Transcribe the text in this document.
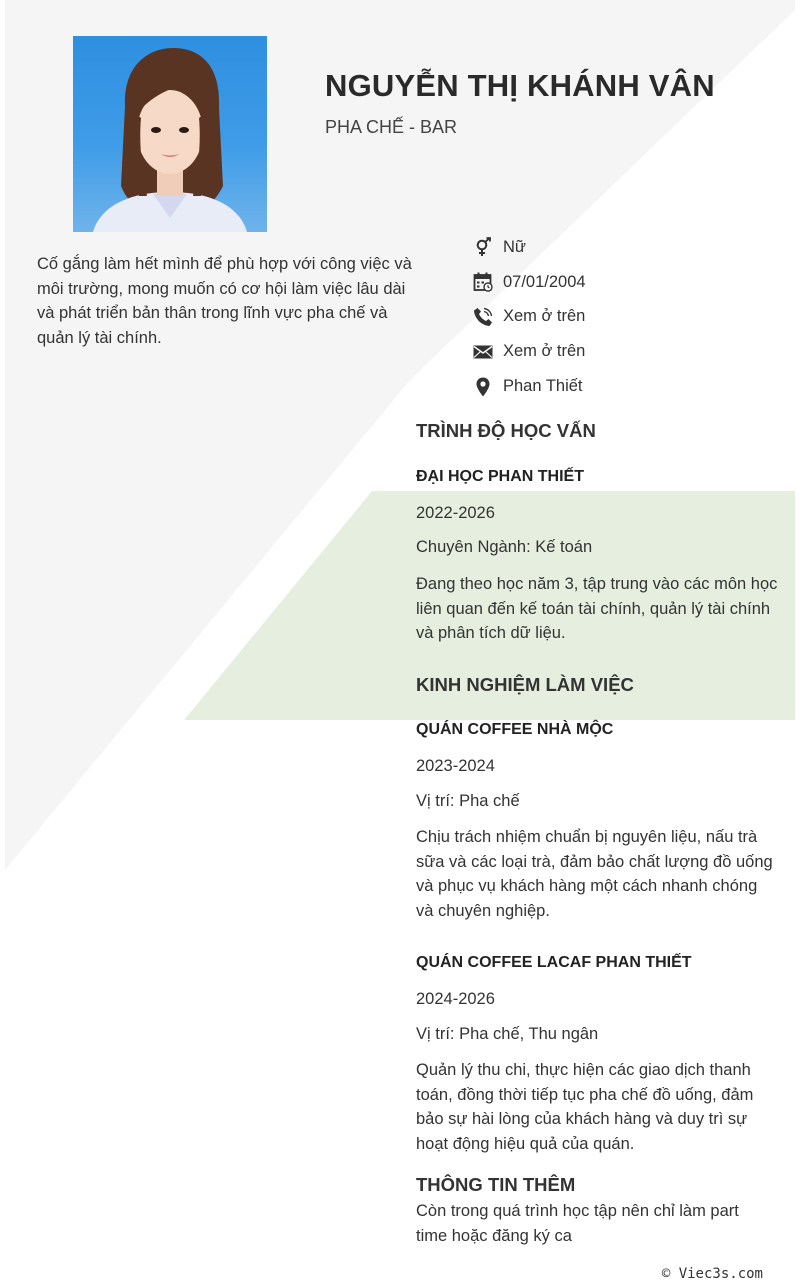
NGUYỄN THỊ KHÁNH VÂN
PHA CHẾ - BAR

Cố gắng làm hết mình để phù hợp với công việc và môi trường, mong muốn có cơ hội làm việc lâu dài và phát triển bản thân trong lĩnh vực pha chế và quản lý tài chính.

Nữ
07/01/2004
Xem ở trên
Xem ở trên
Phan Thiết
TRÌNH ĐỘ HỌC VẤN
ĐẠI HỌC PHAN THIẾT
2022-2026
Chuyên Ngành: Kế toán

Đang theo học năm 3, tập trung vào các môn học liên quan đến kế toán tài chính, quản lý tài chính và phân tích dữ liệu.

KINH NGHIỆM LÀM VIỆC
QUÁN COFFEE NHÀ MỘC
2023-2024
Vị trí: Pha chế

Chịu trách nhiệm chuẩn bị nguyên liệu, nấu trà sữa và các loại trà, đảm bảo chất lượng đồ uống và phục vụ khách hàng một cách nhanh chóng và chuyên nghiệp.

QUÁN COFFEE LACAF PHAN THIẾT
2024-2026
Vị trí: Pha chế, Thu ngân

Quản lý thu chi, thực hiện các giao dịch thanh toán, đồng thời tiếp tục pha chế đồ uống, đảm bảo sự hài lòng của khách hàng và duy trì sự hoạt động hiệu quả của quán.

THÔNG TIN THÊM

Còn trong quá trình học tập nên chỉ làm part time hoặc đăng ký ca

© Viec3s.com
